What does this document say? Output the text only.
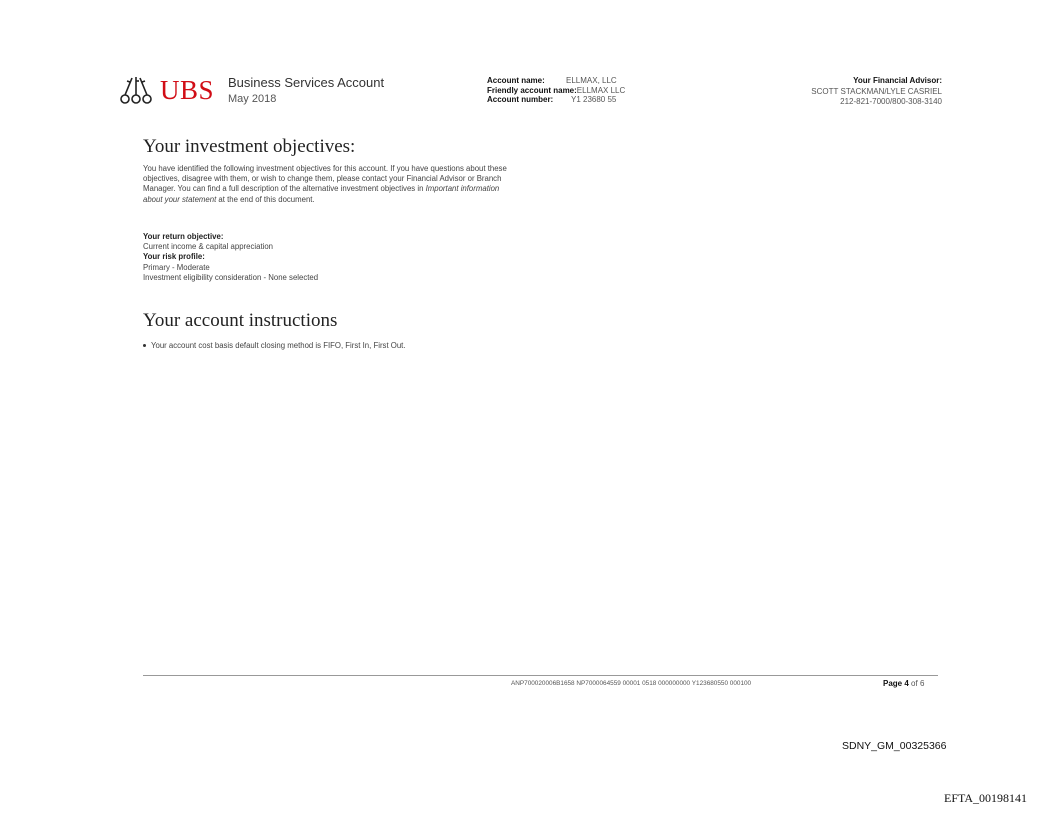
UBS Business Services Account
May 2018
Account name:	ELLMAX, LLC
Friendly account name: ELLMAX LLC
Account number:	Y1 23680 55
Your Financial Advisor:
SCOTT STACKMAN/LYLE CASRIEL
212-821-7000/800-308-3140
Your investment objectives:
You have identified the following investment objectives for this account. If you have questions about these objectives, disagree with them, or wish to change them, please contact your Financial Advisor or Branch Manager. You can find a full description of the alternative investment objectives in Important information about your statement at the end of this document.
Your return objective:
Current income & capital appreciation
Your risk profile:
Primary - Moderate
Investment eligibility consideration - None selected
Your account instructions
Your account cost basis default closing method is FIFO, First In, First Out.
ANP700020006B1658 NP7000064559 00001 0518 000000000 Y123680550 000100	Page 4 of 6
SDNY_GM_00325366
EFTA_00198141
